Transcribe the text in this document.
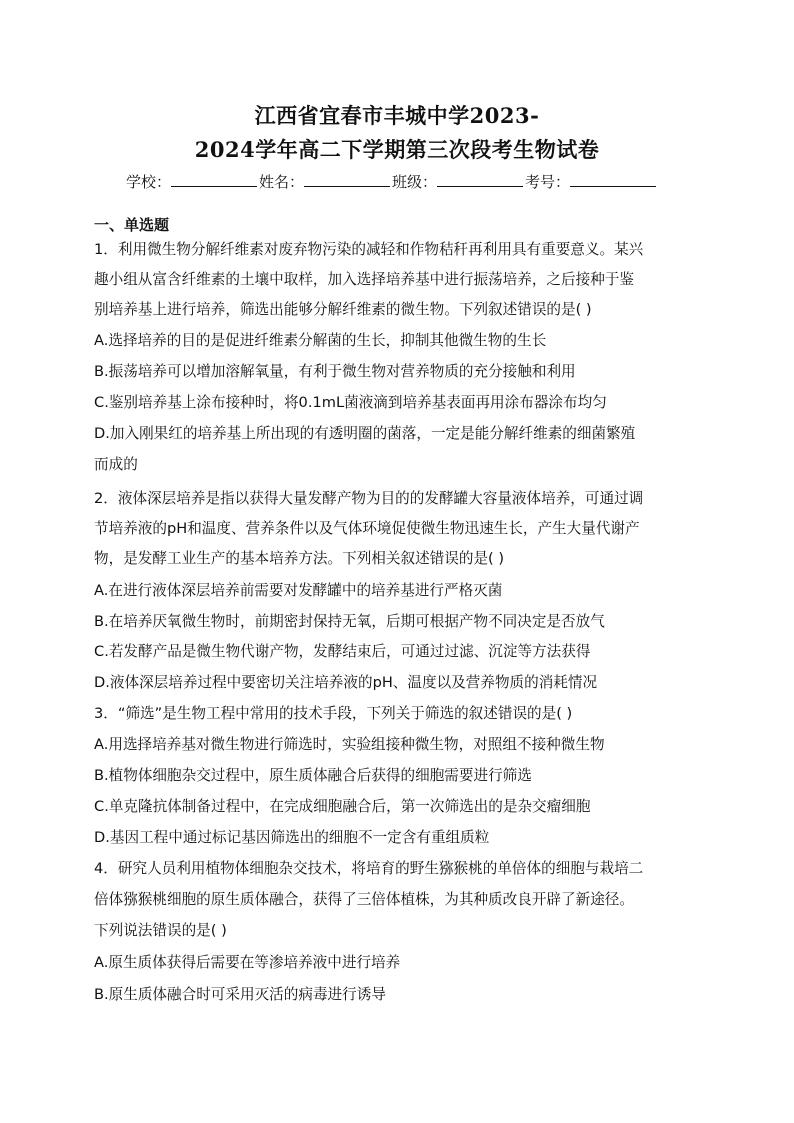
江西省宜春市丰城中学2023-
2024学年高二下学期第三次段考生物试卷
学校：	姓名：	班级：	考号：
一、单选题
1．利用微生物分解纤维素对废弃物污染的减轻和作物秸秆再利用具有重要意义。某兴
趣小组从富含纤维素的土壤中取样，加入选择培养基中进行振荡培养，之后接种于鉴
别培养基上进行培养，筛选出能够分解纤维素的微生物。下列叙述错误的是( )
A.选择培养的目的是促进纤维素分解菌的生长，抑制其他微生物的生长
B.振荡培养可以增加溶解氧量，有利于微生物对营养物质的充分接触和利用
C.鉴别培养基上涂布接种时，将0.1mL菌液滴到培养基表面再用涂布器涂布均匀
D.加入刚果红的培养基上所出现的有透明圈的菌落，一定是能分解纤维素的细菌繁殖
而成的
2．液体深层培养是指以获得大量发酵产物为目的的发酵罐大容量液体培养，可通过调
节培养液的pH和温度、营养条件以及气体环境促使微生物迅速生长，产生大量代谢产
物，是发酵工业生产的基本培养方法。下列相关叙述错误的是( )
A.在进行液体深层培养前需要对发酵罐中的培养基进行严格灭菌
B.在培养厌氧微生物时，前期密封保持无氧，后期可根据产物不同决定是否放气
C.若发酵产品是微生物代谢产物，发酵结束后，可通过过滤、沉淀等方法获得
D.液体深层培养过程中要密切关注培养液的pH、温度以及营养物质的消耗情况
3．“筛选”是生物工程中常用的技术手段，下列关于筛选的叙述错误的是( )
A.用选择培养基对微生物进行筛选时，实验组接种微生物，对照组不接种微生物
B.植物体细胞杂交过程中，原生质体融合后获得的细胞需要进行筛选
C.单克隆抗体制备过程中，在完成细胞融合后，第一次筛选出的是杂交瘤细胞
D.基因工程中通过标记基因筛选出的细胞不一定含有重组质粒
4．研究人员利用植物体细胞杂交技术，将培育的野生猕猴桃的单倍体的细胞与栽培二
倍体猕猴桃细胞的原生质体融合，获得了三倍体植株，为其种质改良开辟了新途径。
下列说法错误的是( )
A.原生质体获得后需要在等渗培养液中进行培养
B.原生质体融合时可采用灭活的病毒进行诱导
